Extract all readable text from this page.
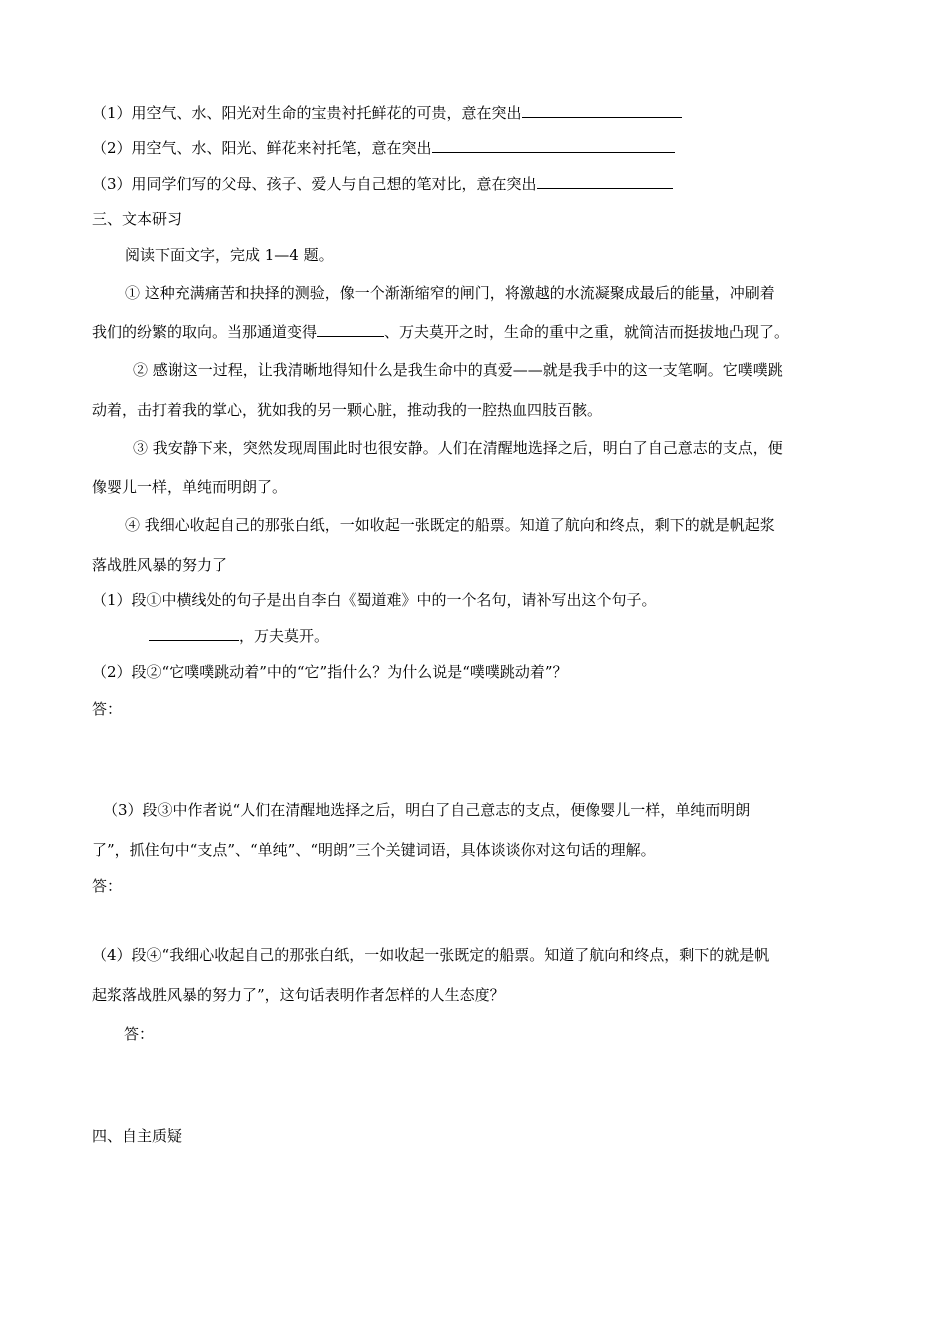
（1）用空气、水、阳光对生命的宝贵衬托鲜花的可贵，意在突出
（2）用空气、水、阳光、鲜花来衬托笔，意在突出
（3）用同学们写的父母、孩子、爱人与自己想的笔对比，意在突出
三、文本研习
阅读下面文字，完成 1—4 题。
① 这种充满痛苦和抉择的测验，像一个渐渐缩窄的闸门，将激越的水流凝聚成最后的能量，冲刷着
我们的纷繁的取向。当那通道变得	、万夫莫开之时，生命的重中之重，就简洁而挺拔地凸现了。
② 感谢这一过程，让我清晰地得知什么是我生命中的真爱——就是我手中的这一支笔啊。它噗噗跳
动着，击打着我的掌心，犹如我的另一颗心脏，推动我的一腔热血四肢百骸。
③ 我安静下来，突然发现周围此时也很安静。人们在清醒地选择之后，明白了自己意志的支点，便
像婴儿一样，单纯而明朗了。
④ 我细心收起自己的那张白纸，一如收起一张既定的船票。知道了航向和终点，剩下的就是帆起浆
落战胜风暴的努力了
（1）段①中横线处的句子是出自李白《蜀道难》中的一个名句，请补写出这个句子。
，万夫莫开。
（2）段②“它噗噗跳动着”中的“它”指什么？为什么说是“噗噗跳动着”？
答：
（3）段③中作者说“人们在清醒地选择之后，明白了自己意志的支点，便像婴儿一样，单纯而明朗
了”，抓住句中“支点”、“单纯”、“明朗”三个关键词语，具体谈谈你对这句话的理解。
答：
（4）段④“我细心收起自己的那张白纸，一如收起一张既定的船票。知道了航向和终点，剩下的就是帆
起浆落战胜风暴的努力了”，这句话表明作者怎样的人生态度？
答：
四、自主质疑
